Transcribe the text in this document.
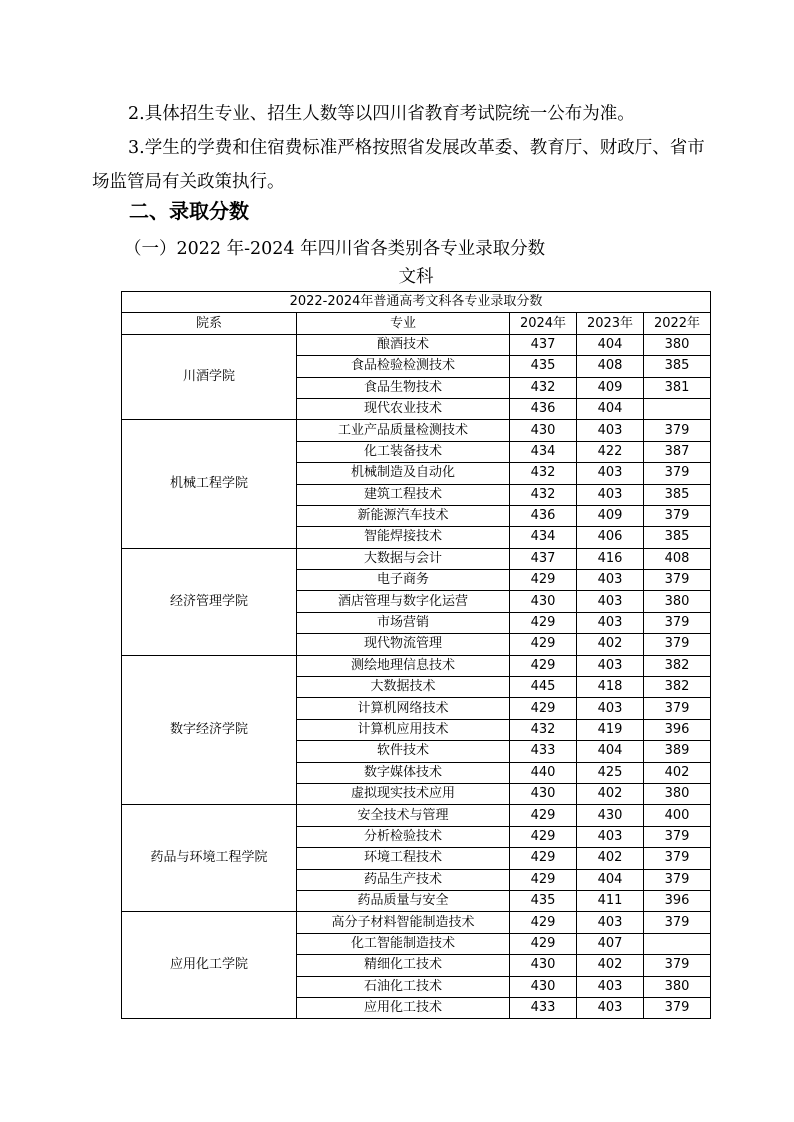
2.具体招生专业、招生人数等以四川省教育考试院统一公布为准。

3.学生的学费和住宿费标准严格按照省发展改革委、教育厅、财政厅、省市场监管局有关政策执行。

二、录取分数

（一）2022 年-2024 年四川省各类别各专业录取分数

文科

2022-2024年普通高考文科各专业录取分数				
院系	专业	2024年	2023年	2022年
川酒学院	酿酒技术	437	404	380
	食品检验检测技术	435	408	385
	食品生物技术	432	409	381
	现代农业技术	436	404	
机械工程学院	工业产品质量检测技术	430	403	379
	化工装备技术	434	422	387
	机械制造及自动化	432	403	379
	建筑工程技术	432	403	385
	新能源汽车技术	436	409	379
	智能焊接技术	434	406	385
经济管理学院	大数据与会计	437	416	408
	电子商务	429	403	379
	酒店管理与数字化运营	430	403	380
	市场营销	429	403	379
	现代物流管理	429	402	379
数字经济学院	测绘地理信息技术	429	403	382
	大数据技术	445	418	382
	计算机网络技术	429	403	379
	计算机应用技术	432	419	396
	软件技术	433	404	389
	数字媒体技术	440	425	402
	虚拟现实技术应用	430	402	380
药品与环境工程学院	安全技术与管理	429	430	400
	分析检验技术	429	403	379
	环境工程技术	429	402	379
	药品生产技术	429	404	379
	药品质量与安全	435	411	396
应用化工学院	高分子材料智能制造技术	429	403	379
	化工智能制造技术	429	407	
	精细化工技术	430	402	379
	石油化工技术	430	403	380
	应用化工技术	433	403	379
